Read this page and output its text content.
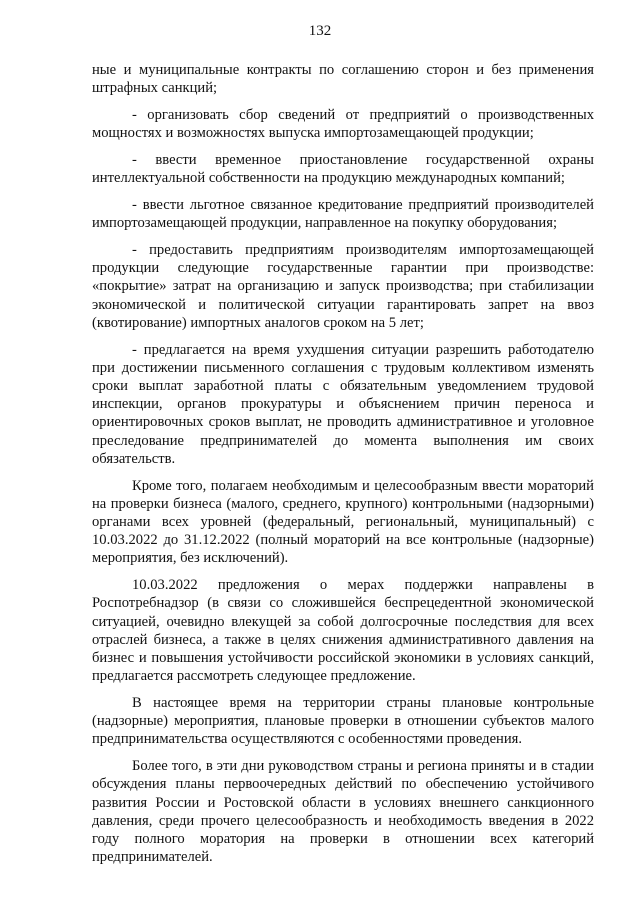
132

ные и муниципальные контракты по соглашению сторон и без применения штрафных санкций;

- организовать сбор сведений от предприятий о производственных мощностях и возможностях выпуска импортозамещающей продукции;

- ввести временное приостановление государственной охраны интеллектуальной собственности на продукцию международных компаний;

- ввести льготное связанное кредитование предприятий производителей импортозамещающей продукции, направленное на покупку оборудования;

- предоставить предприятиям производителям импортозамещающей продукции следующие государственные гарантии при производстве: «покрытие» затрат на организацию и запуск производства; при стабилизации экономической и политической ситуации гарантировать запрет на ввоз (квотирование) импортных аналогов сроком на 5 лет;

- предлагается на время ухудшения ситуации разрешить работодателю при достижении письменного соглашения с трудовым коллективом изменять сроки выплат заработной платы с обязательным уведомлением трудовой инспекции, органов прокуратуры и объяснением причин переноса и ориентировочных сроков выплат, не проводить административное и уголовное преследование предпринимателей до момента выполнения им своих обязательств.

Кроме того, полагаем необходимым и целесообразным ввести мораторий на проверки бизнеса (малого, среднего, крупного) контрольными (надзорными) органами всех уровней (федеральный, региональный, муниципальный) с 10.03.2022 до 31.12.2022 (полный мораторий на все контрольные (надзорные) мероприятия, без исключений).

10.03.2022 предложения о мерах поддержки направлены в Роспотребнадзор (в связи со сложившейся беспрецедентной экономической ситуацией, очевидно влекущей за собой долгосрочные последствия для всех отраслей бизнеса, а также в целях снижения административного давления на бизнес и повышения устойчивости российской экономики в условиях санкций, предлагается рассмотреть следующее предложение.

В настоящее время на территории страны плановые контрольные (надзорные) мероприятия, плановые проверки в отношении субъектов малого предпринимательства осуществляются с особенностями проведения.

Более того, в эти дни руководством страны и региона приняты и в стадии обсуждения планы первоочередных действий по обеспечению устойчивого развития России и Ростовской области в условиях внешнего санкционного давления, среди прочего целесообразность и необходимость введения в 2022 году полного моратория на проверки в отношении всех категорий предпринимателей.
